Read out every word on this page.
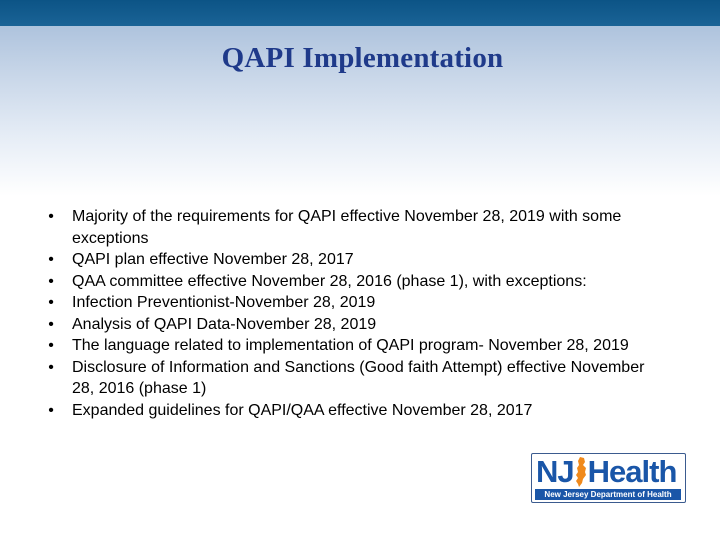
QAPI Implementation
• Majority of the requirements for QAPI effective November 28, 2019 with some exceptions
• QAPI plan effective November 28, 2017
• QAA committee effective November 28, 2016 (phase 1), with exceptions:
• Infection Preventionist-November 28, 2019
• Analysis of QAPI Data-November 28, 2019
• The language related to implementation of QAPI program- November 28, 2019
• Disclosure of Information and Sanctions (Good faith Attempt) effective November 28, 2016 (phase 1)
• Expanded guidelines for QAPI/QAA effective November 28, 2017
NJ Health
New Jersey Department of Health
